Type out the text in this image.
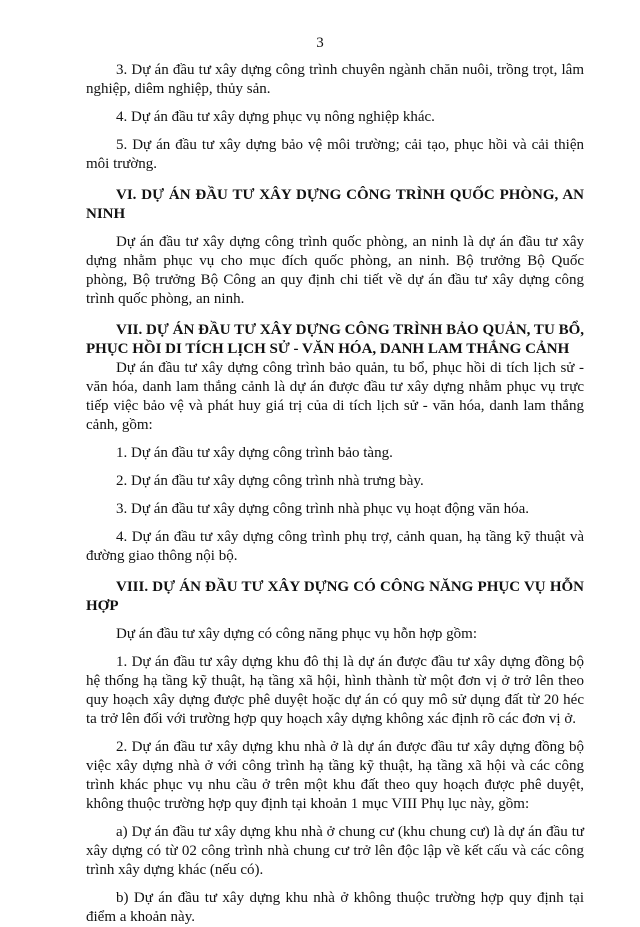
3

3. Dự án đầu tư xây dựng công trình chuyên ngành chăn nuôi, trồng trọt, lâm nghiệp, diêm nghiệp, thủy sản.

4. Dự án đầu tư xây dựng phục vụ nông nghiệp khác.

5. Dự án đầu tư xây dựng bảo vệ môi trường; cải tạo, phục hồi và cải thiện môi trường.

VI. DỰ ÁN ĐẦU TƯ XÂY DỰNG CÔNG TRÌNH QUỐC PHÒNG, AN NINH

Dự án đầu tư xây dựng công trình quốc phòng, an ninh là dự án đầu tư xây dựng nhằm phục vụ cho mục đích quốc phòng, an ninh. Bộ trưởng Bộ Quốc phòng, Bộ trưởng Bộ Công an quy định chi tiết về dự án đầu tư xây dựng công trình quốc phòng, an ninh.

VII. DỰ ÁN ĐẦU TƯ XÂY DỰNG CÔNG TRÌNH BẢO QUẢN, TU BỔ, PHỤC HỒI DI TÍCH LỊCH SỬ - VĂN HÓA, DANH LAM THẮNG CẢNH

Dự án đầu tư xây dựng công trình bảo quản, tu bổ, phục hồi di tích lịch sử - văn hóa, danh lam thắng cảnh là dự án được đầu tư xây dựng nhằm phục vụ trực tiếp việc bảo vệ và phát huy giá trị của di tích lịch sử - văn hóa, danh lam thắng cảnh, gồm:

1. Dự án đầu tư xây dựng công trình bảo tàng.

2. Dự án đầu tư xây dựng công trình nhà trưng bày.

3. Dự án đầu tư xây dựng công trình nhà phục vụ hoạt động văn hóa.

4. Dự án đầu tư xây dựng công trình phụ trợ, cảnh quan, hạ tầng kỹ thuật và đường giao thông nội bộ.

VIII. DỰ ÁN ĐẦU TƯ XÂY DỰNG CÓ CÔNG NĂNG PHỤC VỤ HỖN HỢP

Dự án đầu tư xây dựng có công năng phục vụ hỗn hợp gồm:

1. Dự án đầu tư xây dựng khu đô thị là dự án được đầu tư xây dựng đồng bộ hệ thống hạ tầng kỹ thuật, hạ tầng xã hội, hình thành từ một đơn vị ở trở lên theo quy hoạch xây dựng được phê duyệt hoặc dự án có quy mô sử dụng đất từ 20 héc ta trở lên đối với trường hợp quy hoạch xây dựng không xác định rõ các đơn vị ở.

2. Dự án đầu tư xây dựng khu nhà ở là dự án được đầu tư xây dựng đồng bộ việc xây dựng nhà ở với công trình hạ tầng kỹ thuật, hạ tầng xã hội và các công trình khác phục vụ nhu cầu ở trên một khu đất theo quy hoạch được phê duyệt, không thuộc trường hợp quy định tại khoản 1 mục VIII Phụ lục này, gồm:

a) Dự án đầu tư xây dựng khu nhà ở chung cư (khu chung cư) là dự án đầu tư xây dựng có từ 02 công trình nhà chung cư trở lên độc lập về kết cấu và các công trình xây dựng khác (nếu có).

b) Dự án đầu tư xây dựng khu nhà ở không thuộc trường hợp quy định tại điểm a khoản này.
